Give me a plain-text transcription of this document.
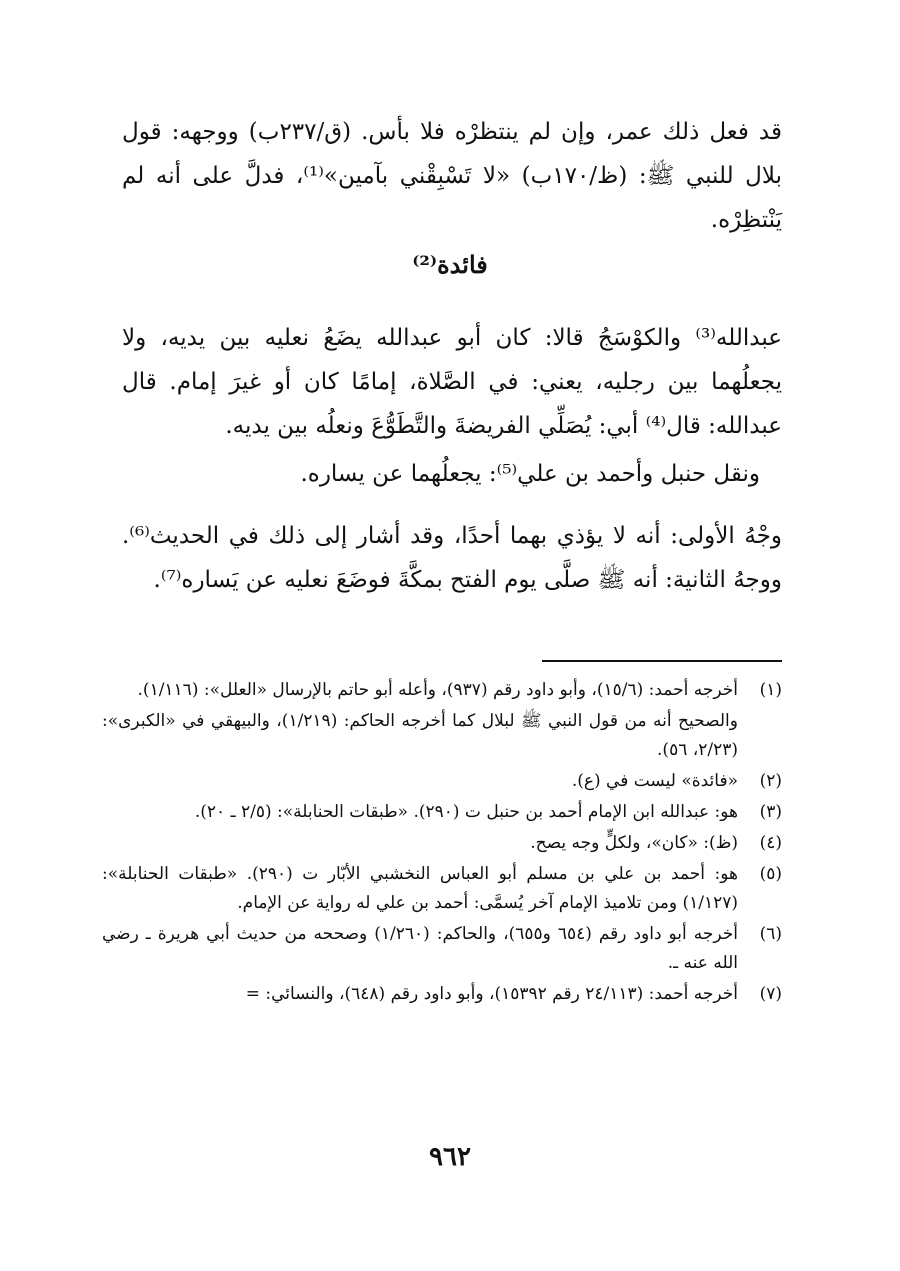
قد فعل ذلك عمر، وإن لم ينتظرْه فلا بأس. (ق/٢٣٧ب) ووجهه: قول بلال للنبي ﷺ: (ظ/١٧٠ب) «لا تَسْبِقْني بآمين»⁽¹⁾، فدلَّ على أنه لم يَنْتظِرْه.

فائدة⁽²⁾

عبدالله⁽³⁾ والكوْسَجُ قالا: كان أبو عبدالله يضَعُ نعليه بين يديه، ولا يجعلُهما بين رجليه، يعني: في الصَّلاة، إمامًا كان أو غيرَ إمام. قال عبدالله: قال⁽⁴⁾ أبي: يُصَلِّي الفريضةَ والتَّطَوُّعَ ونعلُه بين يديه.

ونقل حنبل وأحمد بن علي⁽⁵⁾: يجعلُهما عن يساره.

وجْهُ الأولى: أنه لا يؤذي بهما أحدًا، وقد أشار إلى ذلك في الحديث⁽⁶⁾. ووجهُ الثانية: أنه ﷺ صلَّى يوم الفتح بمكَّةَ فوضَعَ نعليه عن يَساره⁽⁷⁾.

(١)
أخرجه أحمد: (١٥/٦)، وأبو داود رقم (٩٣٧)، وأعله أبو حاتم بالإرسال «العلل»: (١/١١٦).
والصحيح أنه من قول النبي ﷺ لبلال كما أخرجه الحاكم: (١/٢١٩)، والبيهقي في «الكبرى»: (٢/٢٣، ٥٦).
(٢)
«فائدة» ليست في (ع).
(٣)
هو: عبدالله ابن الإمام أحمد بن حنبل ت (٢٩٠). «طبقات الحنابلة»: (٢/٥ ـ ٢٠).
(٤)
(ظ): «كان»، ولكلٍّ وجه يصح.
(٥)
هو: أحمد بن علي بن مسلم أبو العباس النخشبي الأبّار ت (٢٩٠). «طبقات الحنابلة»: (١/١٢٧) ومن تلاميذ الإمام آخر يُسمَّى: أحمد بن علي له رواية عن الإمام.
(٦)
أخرجه أبو داود رقم (٦٥٤ و٦٥٥)، والحاكم: (١/٢٦٠) وصححه من حديث أبي هريرة ـ رضي الله عنه ـ.
(٧)
أخرجه أحمد: (٢٤/١١٣ رقم ١٥٣٩٢)، وأبو داود رقم (٦٤٨)، والنسائي: =
٩٦٢
